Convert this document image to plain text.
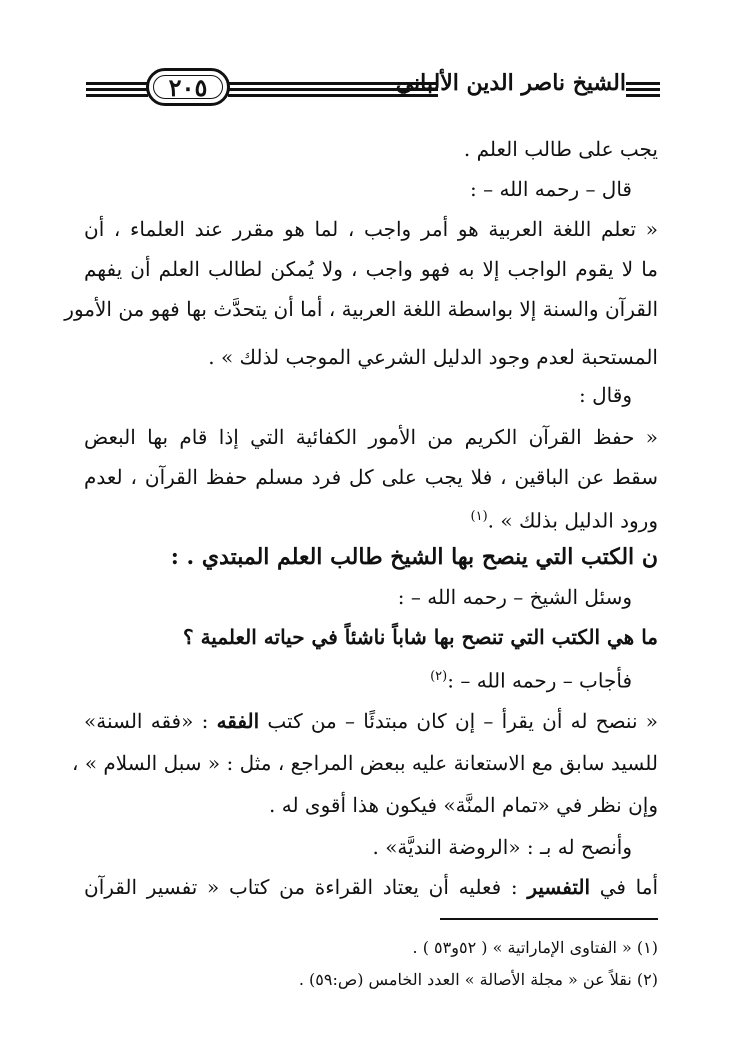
٢٠٥	الشيخ ناصر الدين الألباني
يجب على طالب العلم .
قال – رحمه الله – :
« تعلم اللغة العربية هو أمر واجب ، لما هو مقرر عند العلماء ، أن
ما لا يقوم الواجب إلا به فهو واجب ، ولا يُمكن لطالب العلم أن يفهم
القرآن والسنة إلا بواسطة اللغة العربية ، أما أن يتحدَّث بها فهو من الأمور
المستحبة لعدم وجود الدليل الشرعي الموجب لذلك » .
وقال :
« حفظ القرآن الكريم من الأمور الكفائية التي إذا قام بها البعض
سقط عن الباقين ، فلا يجب على كل فرد مسلم حفظ القرآن ، لعدم
ورود الدليل بذلك » .$^{(١)}$
ن الكتب التي ينصح بها الشيخ طالب العلم المبتدي . :
وسئل الشيخ – رحمه الله – :
ما هي الكتب التي تنصح بها شاباً ناشئاً في حياته العلمية ؟
فأجاب – رحمه الله – :$^{(٢)}$
« ننصح له أن يقرأ – إن كان مبتدئًا – من كتب الفقه : «فقه السنة»
للسيد سابق مع الاستعانة عليه ببعض المراجع ، مثل : « سبل السلام » ،
وإن نظر في «تمام المنَّة» فيكون هذا أقوى له .
وأنصح له بـ : «الروضة النديَّة» .
أما في التفسير : فعليه أن يعتاد القراءة من كتاب « تفسير القرآن
(١) « الفتاوى الإماراتية » ( ٥٢و٥٣ ) .
(٢) نقلاً عن « مجلة الأصالة » العدد الخامس (ص:٥٩) .
